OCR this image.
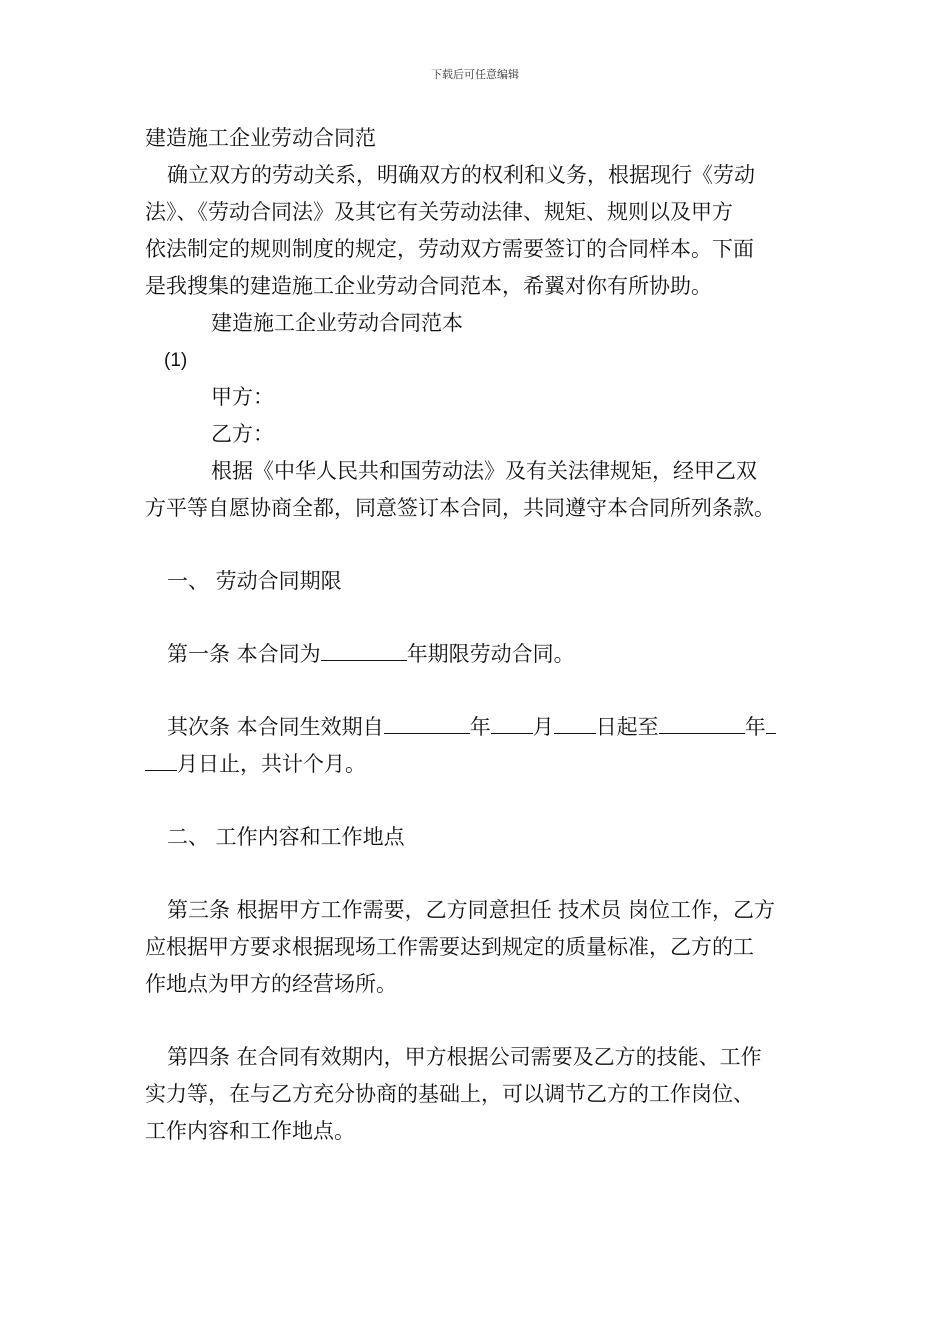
下载后可任意编辑

建造施工企业劳动合同范

确立双方的劳动关系，明确双方的权利和义务，根据现行《劳动

法》、《劳动合同法》及其它有关劳动法律、规矩、规则以及甲方

依法制定的规则制度的规定，劳动双方需要签订的合同样本。下面

是我搜集的建造施工企业劳动合同范本，希翼对你有所协助。

建造施工企业劳动合同范本

(1)

甲方：

乙方：

根据《中华人民共和国劳动法》及有关法律规矩，经甲乙双

方平等自愿协商全都，同意签订本合同，共同遵守本合同所列条款。

一、 劳动合同期限

第一条 本合同为	年期限劳动合同。

其次条 本合同生效期自	年 月 日起至	年

月日止，共计个月。

二、 工作内容和工作地点

第三条 根据甲方工作需要，乙方同意担任 技术员 岗位工作，乙方

应根据甲方要求根据现场工作需要达到规定的质量标准，乙方的工

作地点为甲方的经营场所。

第四条 在合同有效期内，甲方根据公司需要及乙方的技能、工作

实力等，在与乙方充分协商的基础上，可以调节乙方的工作岗位、

工作内容和工作地点。
